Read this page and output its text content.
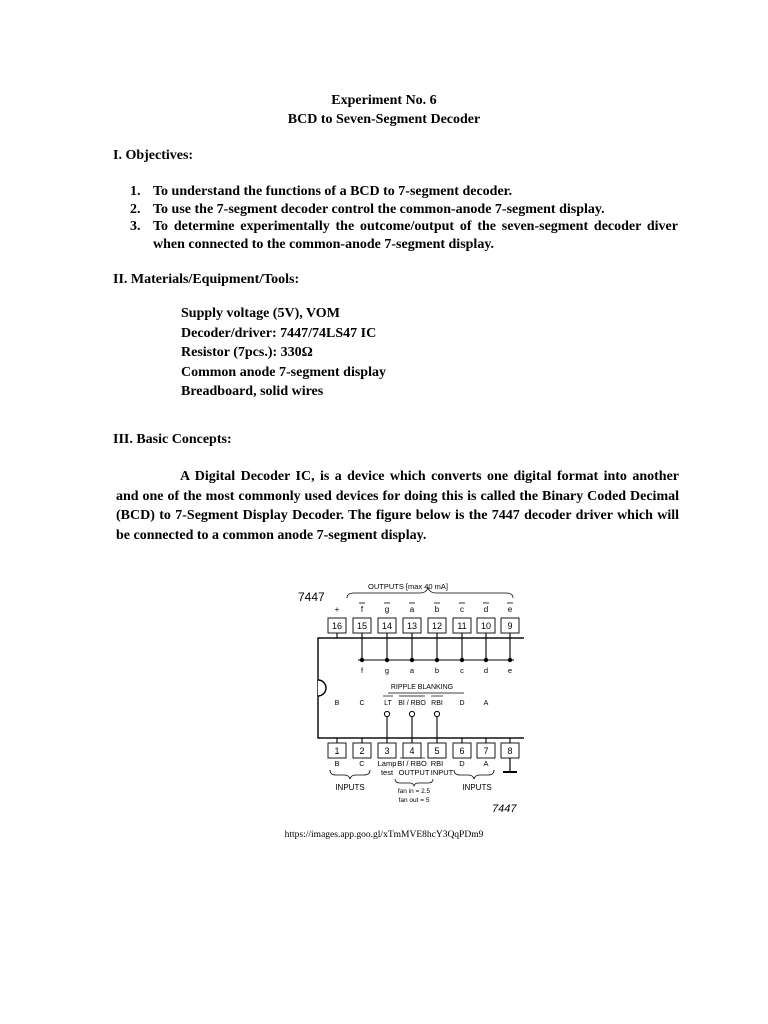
Experiment No. 6
BCD to Seven-Segment Decoder
I. Objectives:
1. To understand the functions of a BCD to 7-segment decoder.
2. To use the 7-segment decoder control the common-anode 7-segment display.
3. To determine experimentally the outcome/output of the seven-segment decoder diver when connected to the common-anode 7-segment display.
II. Materials/Equipment/Tools:
Supply voltage (5V), VOM
Decoder/driver: 7447/74LS47 IC
Resistor (7pcs.): 330Ω
Common anode 7-segment display
Breadboard, solid wires
III. Basic Concepts:
A Digital Decoder IC, is a device which converts one digital format into another and one of the most commonly used devices for doing this is called the Binary Coded Decimal (BCD) to 7-Segment Display Decoder. The figure below is the 7447 decoder driver which will be connected to a common anode 7-segment display.
7447
OUTPUTS [max 40 mA]
+	f	g	a	b	c d e
16 15 14 13 12 11 10 9
f	g	a	b	c	d	e
RIPPLE BLANKING
B	C	LT BI / RBO RBI D	A
1 2 3 4 5 6 7 8
B	C Lamp BI / RBO RBI D	A
test OUTPUT INPUT
INPUTS	INPUTS
fan in = 2.5
fan out = 5
7447
https://images.app.goo.gl/xTmMVE8hcY3QqPDm9
